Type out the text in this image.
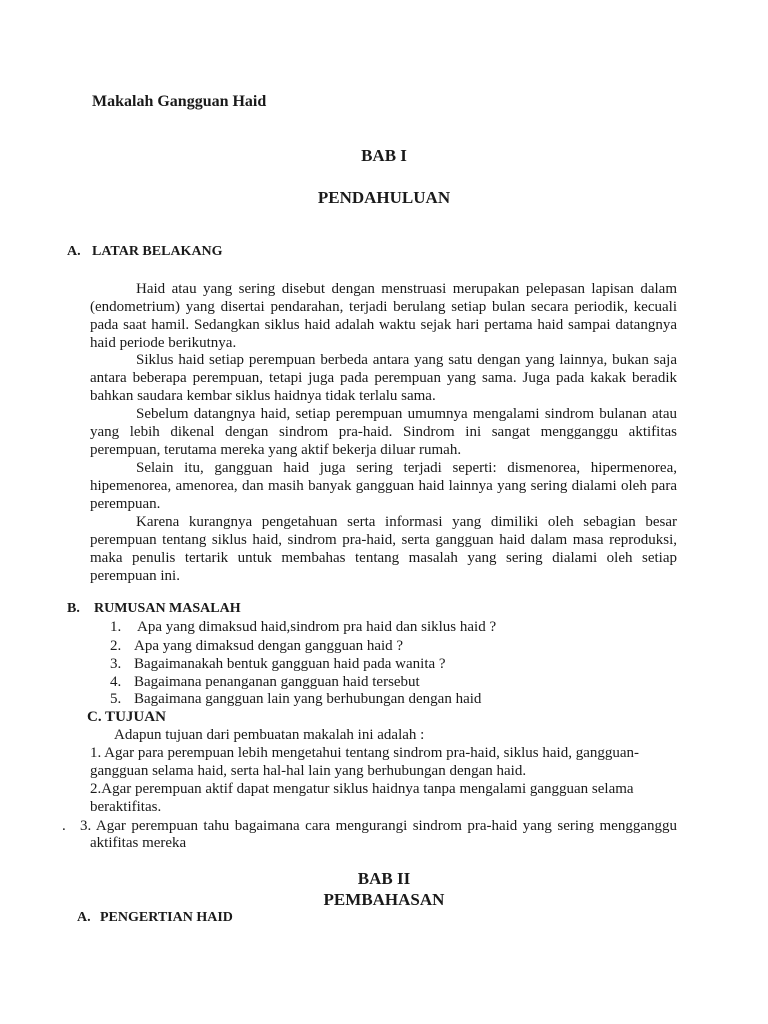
Makalah Gangguan Haid
BAB I
PENDAHULUAN
A. LATAR BELAKANG
Haid atau yang sering disebut dengan menstruasi merupakan pelepasan lapisan dalam
(endometrium) yang disertai pendarahan, terjadi berulang setiap bulan secara periodik, kecuali
pada saat hamil. Sedangkan siklus haid adalah waktu sejak hari pertama haid sampai datangnya
haid periode berikutnya.
Siklus haid setiap perempuan berbeda antara yang satu dengan yang lainnya, bukan saja
antara beberapa perempuan, tetapi juga pada perempuan yang sama. Juga pada kakak beradik
bahkan saudara kembar siklus haidnya tidak terlalu sama.
Sebelum datangnya haid, setiap perempuan umumnya mengalami sindrom bulanan atau
yang lebih dikenal dengan sindrom pra-haid. Sindrom ini sangat mengganggu aktifitas
perempuan, terutama mereka yang aktif bekerja diluar rumah.
Selain itu, gangguan haid juga sering terjadi seperti: dismenorea, hipermenorea,
hipemenorea, amenorea, dan masih banyak gangguan haid lainnya yang sering dialami oleh para
perempuan.
Karena kurangnya pengetahuan serta informasi yang dimiliki oleh sebagian besar
perempuan tentang siklus haid, sindrom pra-haid, serta gangguan haid dalam masa reproduksi,
maka penulis tertarik untuk membahas tentang masalah yang sering dialami oleh setiap
perempuan ini.
B. RUMUSAN MASALAH
1. Apa yang dimaksud haid,sindrom pra haid dan siklus haid ?
2. Apa yang dimaksud dengan gangguan haid ?
3. Bagaimanakah bentuk gangguan haid pada wanita ?
4. Bagaimana penanganan gangguan haid tersebut
5. Bagaimana gangguan lain yang berhubungan dengan haid
C. TUJUAN
Adapun tujuan dari pembuatan makalah ini adalah :
1. Agar para perempuan lebih mengetahui tentang sindrom pra-haid, siklus haid, gangguan-
gangguan selama haid, serta hal-hal lain yang berhubungan dengan haid.
2.Agar perempuan aktif dapat mengatur siklus haidnya tanpa mengalami gangguan selama
beraktifitas.
. 3. Agar perempuan tahu bagaimana cara mengurangi sindrom pra-haid yang sering mengganggu
aktifitas mereka
BAB II
PEMBAHASAN
A. PENGERTIAN HAID
